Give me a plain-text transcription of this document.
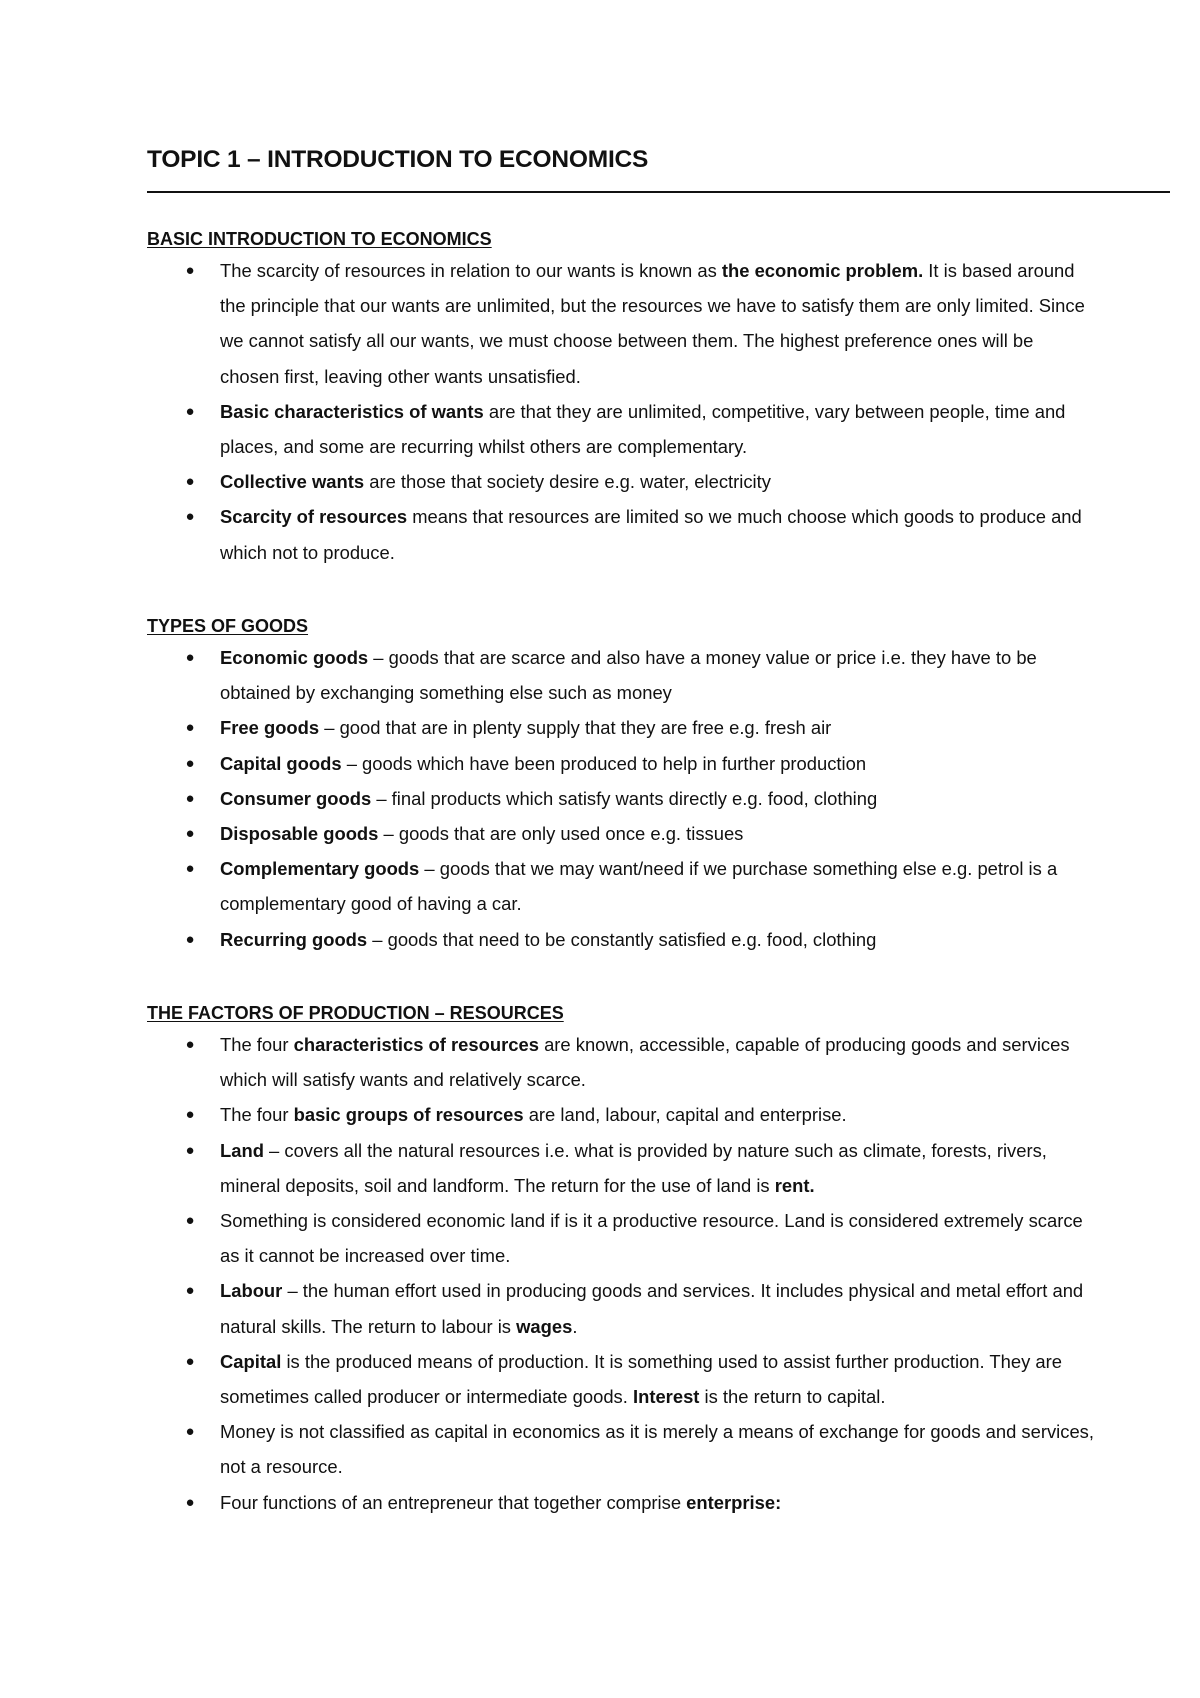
TOPIC 1 – INTRODUCTION TO ECONOMICS
BASIC INTRODUCTION TO ECONOMICS
● The scarcity of resources in relation to our wants is known as the economic problem. It is based around the principle that our wants are unlimited, but the resources we have to satisfy them are only limited. Since we cannot satisfy all our wants, we must choose between them. The highest preference ones will be chosen first, leaving other wants unsatisfied.
● Basic characteristics of wants are that they are unlimited, competitive, vary between people, time and places, and some are recurring whilst others are complementary.
● Collective wants are those that society desire e.g. water, electricity
● Scarcity of resources means that resources are limited so we much choose which goods to produce and which not to produce.
TYPES OF GOODS
● Economic goods – goods that are scarce and also have a money value or price i.e. they have to be obtained by exchanging something else such as money
● Free goods – good that are in plenty supply that they are free e.g. fresh air
● Capital goods – goods which have been produced to help in further production
● Consumer goods – final products which satisfy wants directly e.g. food, clothing
● Disposable goods – goods that are only used once e.g. tissues
● Complementary goods – goods that we may want/need if we purchase something else e.g. petrol is a complementary good of having a car.
● Recurring goods – goods that need to be constantly satisfied e.g. food, clothing
THE FACTORS OF PRODUCTION – RESOURCES
● The four characteristics of resources are known, accessible, capable of producing goods and services which will satisfy wants and relatively scarce.
● The four basic groups of resources are land, labour, capital and enterprise.
● Land – covers all the natural resources i.e. what is provided by nature such as climate, forests, rivers, mineral deposits, soil and landform. The return for the use of land is rent.
● Something is considered economic land if is it a productive resource. Land is considered extremely scarce as it cannot be increased over time.
● Labour – the human effort used in producing goods and services. It includes physical and metal effort and natural skills. The return to labour is wages.
● Capital is the produced means of production. It is something used to assist further production. They are sometimes called producer or intermediate goods. Interest is the return to capital.
● Money is not classified as capital in economics as it is merely a means of exchange for goods and services, not a resource.
● Four functions of an entrepreneur that together comprise enterprise:
